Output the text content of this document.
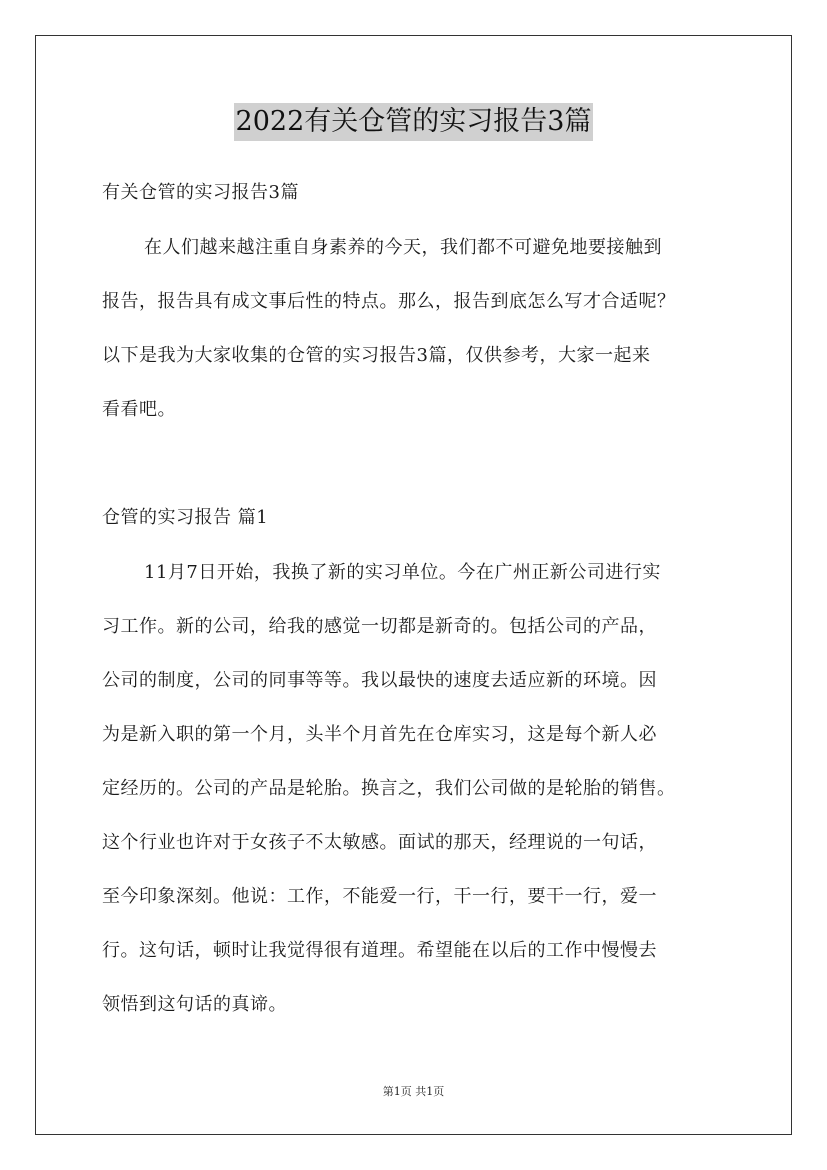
2022有关仓管的实习报告3篇
有关仓管的实习报告3篇
在人们越来越注重自身素养的今天，我们都不可避免地要接触到
报告，报告具有成文事后性的特点。那么，报告到底怎么写才合适呢？
以下是我为大家收集的仓管的实习报告3篇，仅供参考，大家一起来
看看吧。
仓管的实习报告 篇1
11月7日开始，我换了新的实习单位。今在广州正新公司进行实
习工作。新的公司，给我的感觉一切都是新奇的。包括公司的产品，
公司的制度，公司的同事等等。我以最快的速度去适应新的环境。因
为是新入职的第一个月，头半个月首先在仓库实习，这是每个新人必
定经历的。公司的产品是轮胎。换言之，我们公司做的是轮胎的销售。
这个行业也许对于女孩子不太敏感。面试的那天，经理说的一句话，
至今印象深刻。他说：工作，不能爱一行，干一行，要干一行，爱一
行。这句话，顿时让我觉得很有道理。希望能在以后的工作中慢慢去
领悟到这句话的真谛。
第1页 共1页
